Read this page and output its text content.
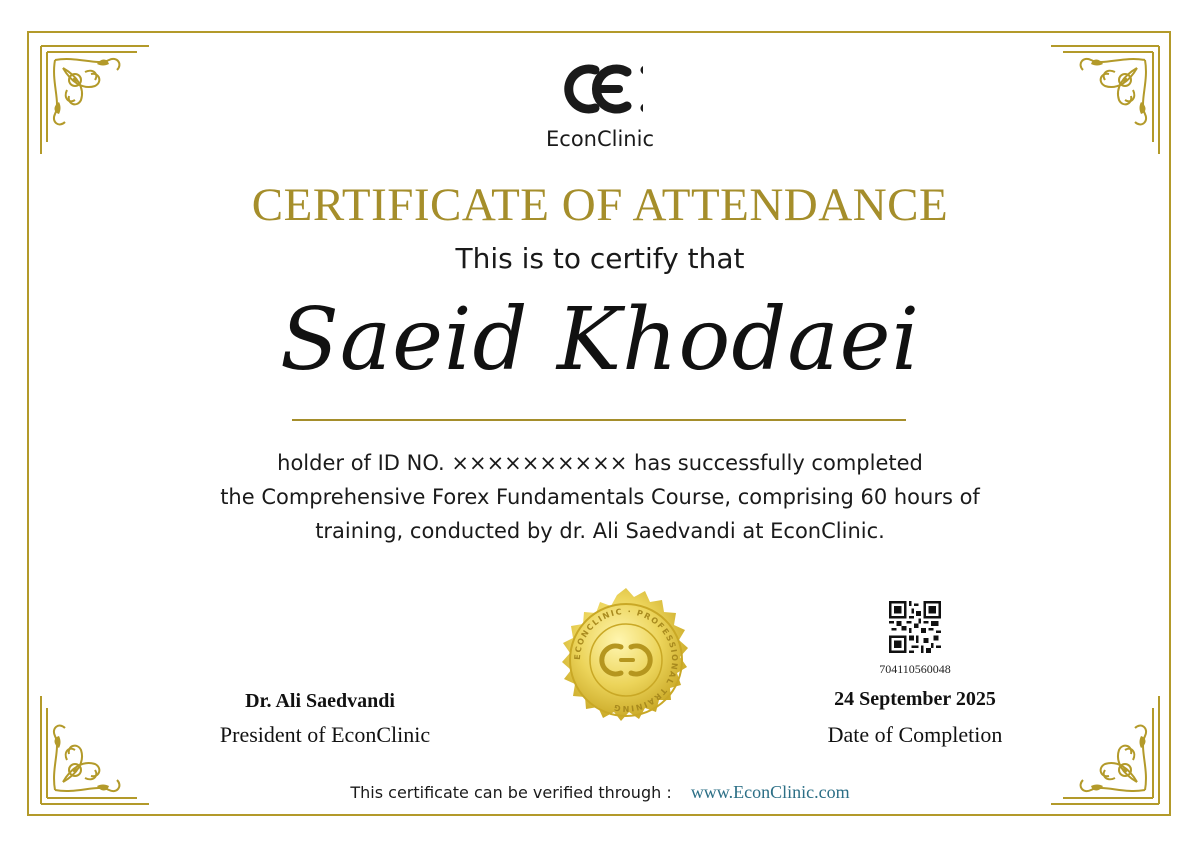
EconClinic
CERTIFICATE OF ATTENDANCE
This is to certify that
Saeid Khodaei
holder of ID NO. ×××××××××× has successfully completed
the Comprehensive Forex Fundamentals Course, comprising 60 hours of
training, conducted by dr. Ali Saedvandi at EconClinic.
ECONCLINIC · PROFESSIONAL TRAINING
704110560048
Dr. Ali Saedvandi
President of EconClinic
24 September 2025
Date of Completion
This certificate can be verified through : www.EconClinic.com
